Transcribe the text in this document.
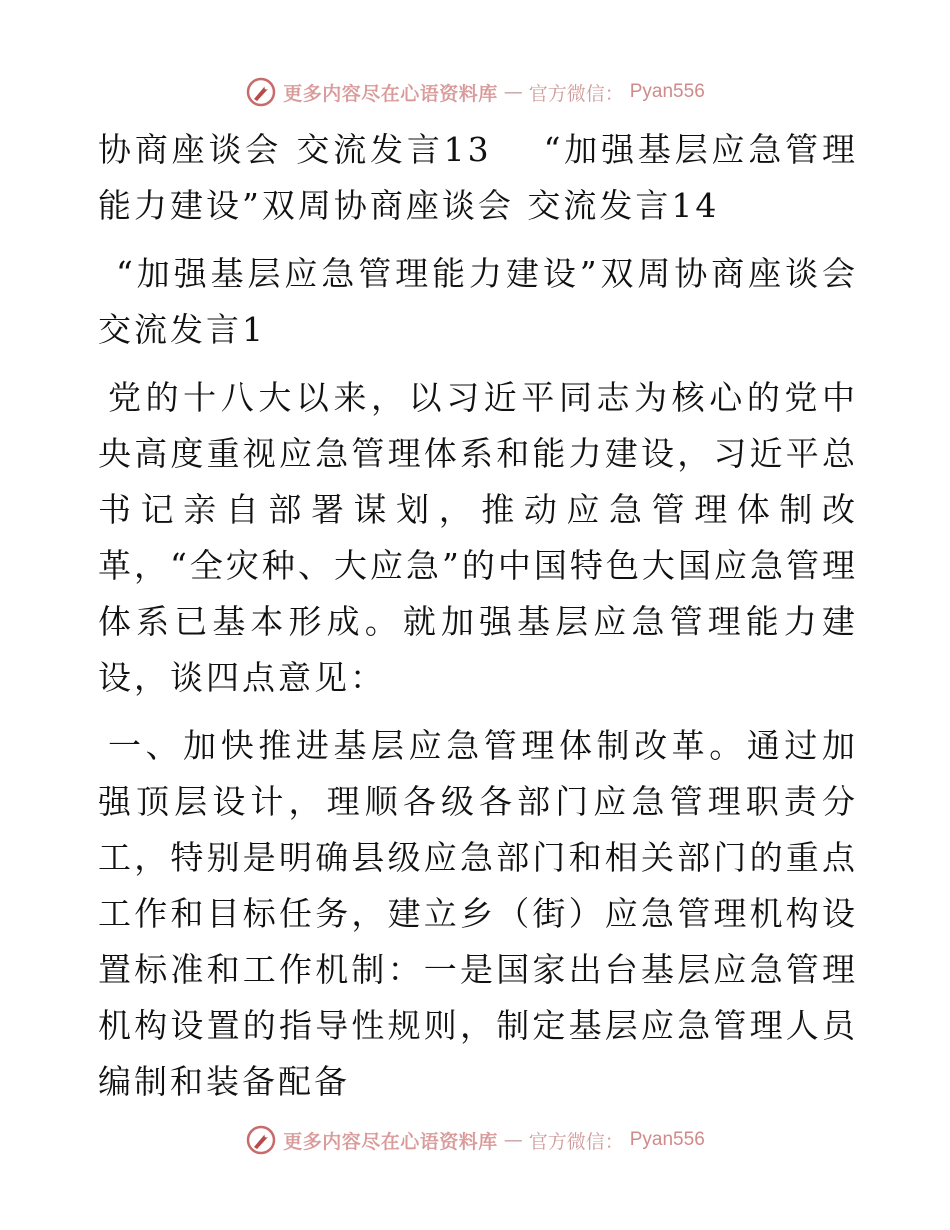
更多内容尽在心语资料库 — 官方微信： Pyan556

协商座谈会 交流发言13　 “加强基层应急管理能力建设”双周协商座谈会 交流发言14

“加强基层应急管理能力建设”双周协商座谈会 交流发言1

党的十八大以来，以习近平同志为核心的党中央高度重视应急管理体系和能力建设，习近平总书记亲自部署谋划，推动应急管理体制改革，“全灾种、大应急”的中国特色大国应急管理体系已基本形成。就加强基层应急管理能力建设，谈四点意见：

一、加快推进基层应急管理体制改革。通过加强顶层设计，理顺各级各部门应急管理职责分工，特别是明确县级应急部门和相关部门的重点工作和目标任务，建立乡（街）应急管理机构设置标准和工作机制：一是国家出台基层应急管理机构设置的指导性规则，制定基层应急管理人员编制和装备配备

更多内容尽在心语资料库 — 官方微信： Pyan556
